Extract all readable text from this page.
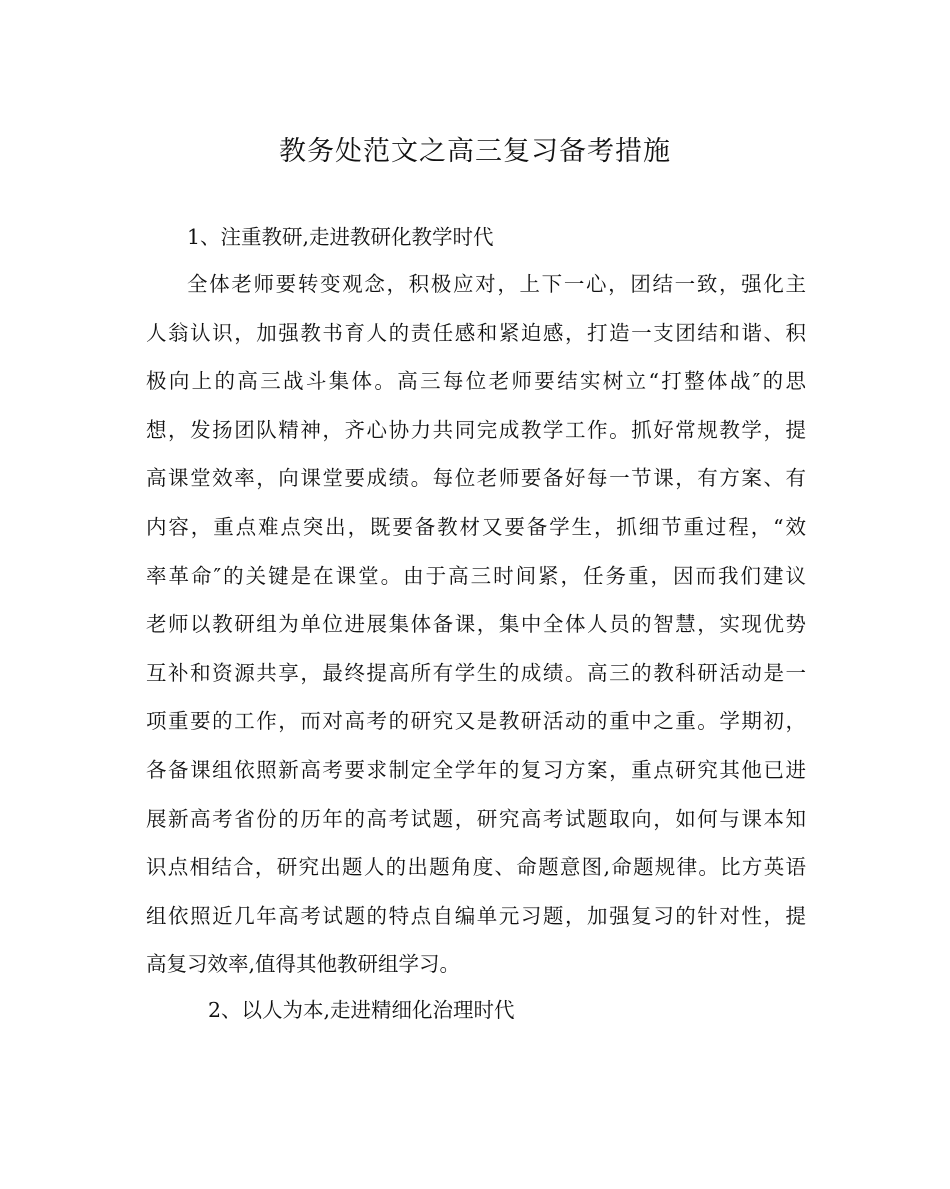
教务处范文之高三复习备考措施

1、注重教研,走进教研化教学时代

全体老师要转变观念，积极应对，上下一心，团结一致，强化主
人翁认识，加强教书育人的责任感和紧迫感，打造一支团结和谐、积
极向上的高三战斗集体。高三每位老师要结实树立“打整体战″的思
想，发扬团队精神，齐心协力共同完成教学工作。抓好常规教学，提
高课堂效率，向课堂要成绩。每位老师要备好每一节课，有方案、有
内容，重点难点突出，既要备教材又要备学生，抓细节重过程，“效
率革命″的关键是在课堂。由于高三时间紧，任务重，因而我们建议
老师以教研组为单位进展集体备课，集中全体人员的智慧，实现优势
互补和资源共享，最终提高所有学生的成绩。高三的教科研活动是一
项重要的工作，而对高考的研究又是教研活动的重中之重。学期初，
各备课组依照新高考要求制定全学年的复习方案，重点研究其他已进
展新高考省份的历年的高考试题，研究高考试题取向，如何与课本知
识点相结合，研究出题人的出题角度、命题意图,命题规律。比方英语
组依照近几年高考试题的特点自编单元习题，加强复习的针对性，提
高复习效率,值得其他教研组学习。

2、以人为本,走进精细化治理时代
